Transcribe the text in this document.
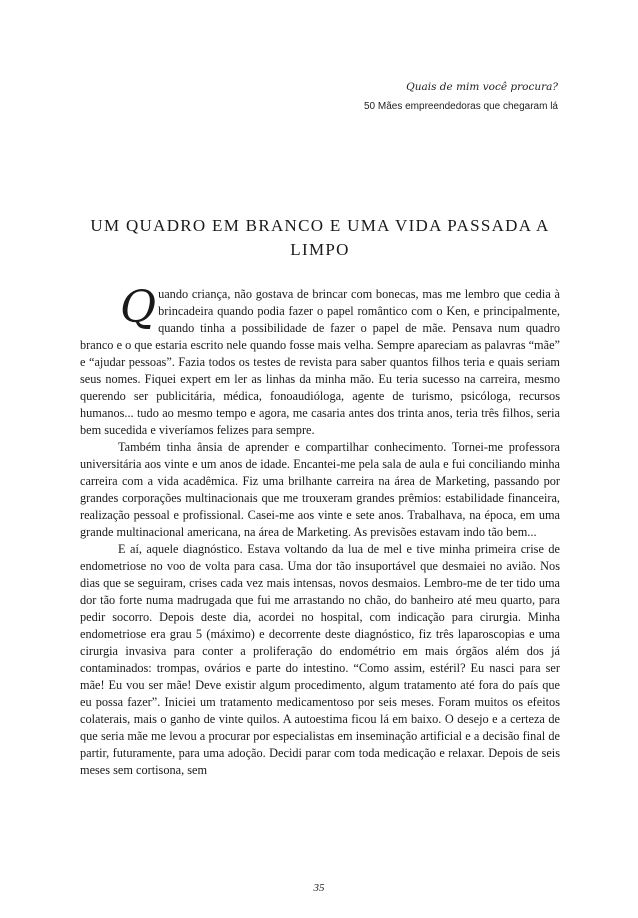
Quais de mim você procura?
50 Mães empreendedoras que chegaram lá
UM QUADRO EM BRANCO E UMA VIDA PASSADA A LIMPO

Quando criança, não gostava de brincar com bonecas, mas me lembro que cedia à brincadeira quando podia fazer o papel romântico com o Ken, e principalmente, quando tinha a possibilidade de fazer o papel de mãe. Pensava num quadro branco e o que estaria escrito nele quando fosse mais velha. Sempre apareciam as palavras “mãe” e “ajudar pessoas”. Fazia todos os testes de revista para saber quantos filhos teria e quais seriam seus nomes. Fiquei expert em ler as linhas da minha mão. Eu teria sucesso na carreira, mesmo querendo ser publicitária, médica, fonoaudióloga, agente de turismo, psicóloga, recursos humanos... tudo ao mesmo tempo e agora, me casaria antes dos trinta anos, teria três filhos, seria bem sucedida e viveríamos felizes para sempre.

Também tinha ânsia de aprender e compartilhar conhecimento. Tornei-me professora universitária aos vinte e um anos de idade. Encantei-me pela sala de aula e fui conciliando minha carreira com a vida acadêmica. Fiz uma brilhante carreira na área de Marketing, passando por grandes corporações multinacionais que me trouxeram grandes prêmios: estabilidade financeira, realização pessoal e profissional. Casei-me aos vinte e sete anos. Trabalhava, na época, em uma grande multinacional americana, na área de Marketing. As previsões estavam indo tão bem...

E aí, aquele diagnóstico. Estava voltando da lua de mel e tive minha primeira crise de endometriose no voo de volta para casa. Uma dor tão insuportável que desmaiei no avião. Nos dias que se seguiram, crises cada vez mais intensas, novos desmaios. Lembro-me de ter tido uma dor tão forte numa madrugada que fui me arrastando no chão, do banheiro até meu quarto, para pedir socorro. Depois deste dia, acordei no hospital, com indicação para cirurgia. Minha endometriose era grau 5 (máximo) e decorrente deste diagnóstico, fiz três laparoscopias e uma cirurgia invasiva para conter a proliferação do endométrio em mais órgãos além dos já contaminados: trompas, ovários e parte do intestino. “Como assim, estéril? Eu nasci para ser mãe! Eu vou ser mãe! Deve existir algum procedimento, algum tratamento até fora do país que eu possa fazer”. Iniciei um tratamento medicamentoso por seis meses. Foram muitos os efeitos colaterais, mais o ganho de vinte quilos. A autoestima ficou lá em baixo. O desejo e a certeza de que seria mãe me levou a procurar por especialistas em inseminação artificial e a decisão final de partir, futuramente, para uma adoção. Decidi parar com toda medicação e relaxar. Depois de seis meses sem cortisona, sem

35
